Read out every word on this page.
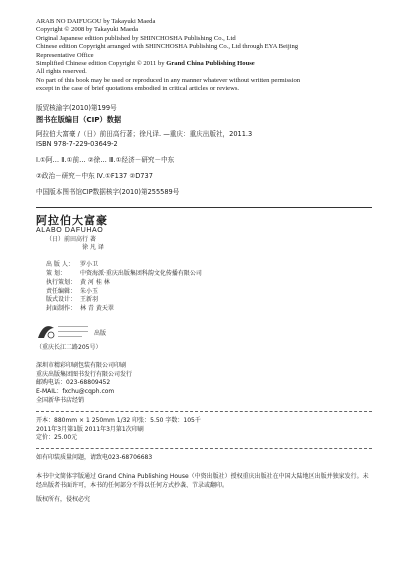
ARAB NO DAIFUGOU by Takayuki Maeda
Copyright © 2008 by Takayuki Maeda
Original Japanese edition published by SHINCHOSHA Publishing Co., Ltd
Chinese edition Copyright arranged with SHINCHOSHA Publishing Co., Ltd through EYA Beijing
Representative Office
Simplified Chinese edition Copyright © 2011 by Grand China Publishing House
All rights reserved.
No part of this book may be used or reproduced in any manner whatever without written permission
except in the case of brief quotations embodied in critical articles or reviews.
版贸核渝字(2010)第199号
图书在版编目（CIP）数据
阿拉伯大富豪 /（日）前田高行著；徐凡译. —重庆：重庆出版社，2011.3
ISBN 978-7-229-03649-2
Ⅰ.①阿… Ⅱ.①前… ②徐… Ⅲ.①经济－研究－中东
②政治－研究－中东 Ⅳ.①F137 ②D737
中国版本图书馆CIP数据核字(2010)第255589号
阿拉伯大富豪
ALABO DAFUHAO
（日）前田高行 著
徐 凡 译
出 版 人：	罗小卫
策 划：	中资海派·重庆出版集团科韵文化传播有限公司
执行策划： 黄 河 桂 林
责任编辑： 朱小玉
版式设计： 王新羽
封面制作： 林 青 黄天翠
出版
（重庆长江二路205号）
深圳市精彩印刷包装有限公司印刷
重庆出版集团图书发行有限公司发行
邮购电话：023-68809452
E-MAIL：fxchu@cqph.com
全国新华书店经销
开本：880mm × 1 250mm 1/32 印张：5.50 字数：105千
2011年3月第1版 2011年3月第1次印刷
定价：25.00元
如有印装质量问题，请致电023-68706683
本书中文简体字版通过 Grand China Publishing House（中资出版社）授权重庆出版社在中国大陆地区出版并独家发行。未经出版者书面许可，本书的任何部分不得以任何方式抄袭、节录或翻印。
版权所有，侵权必究
